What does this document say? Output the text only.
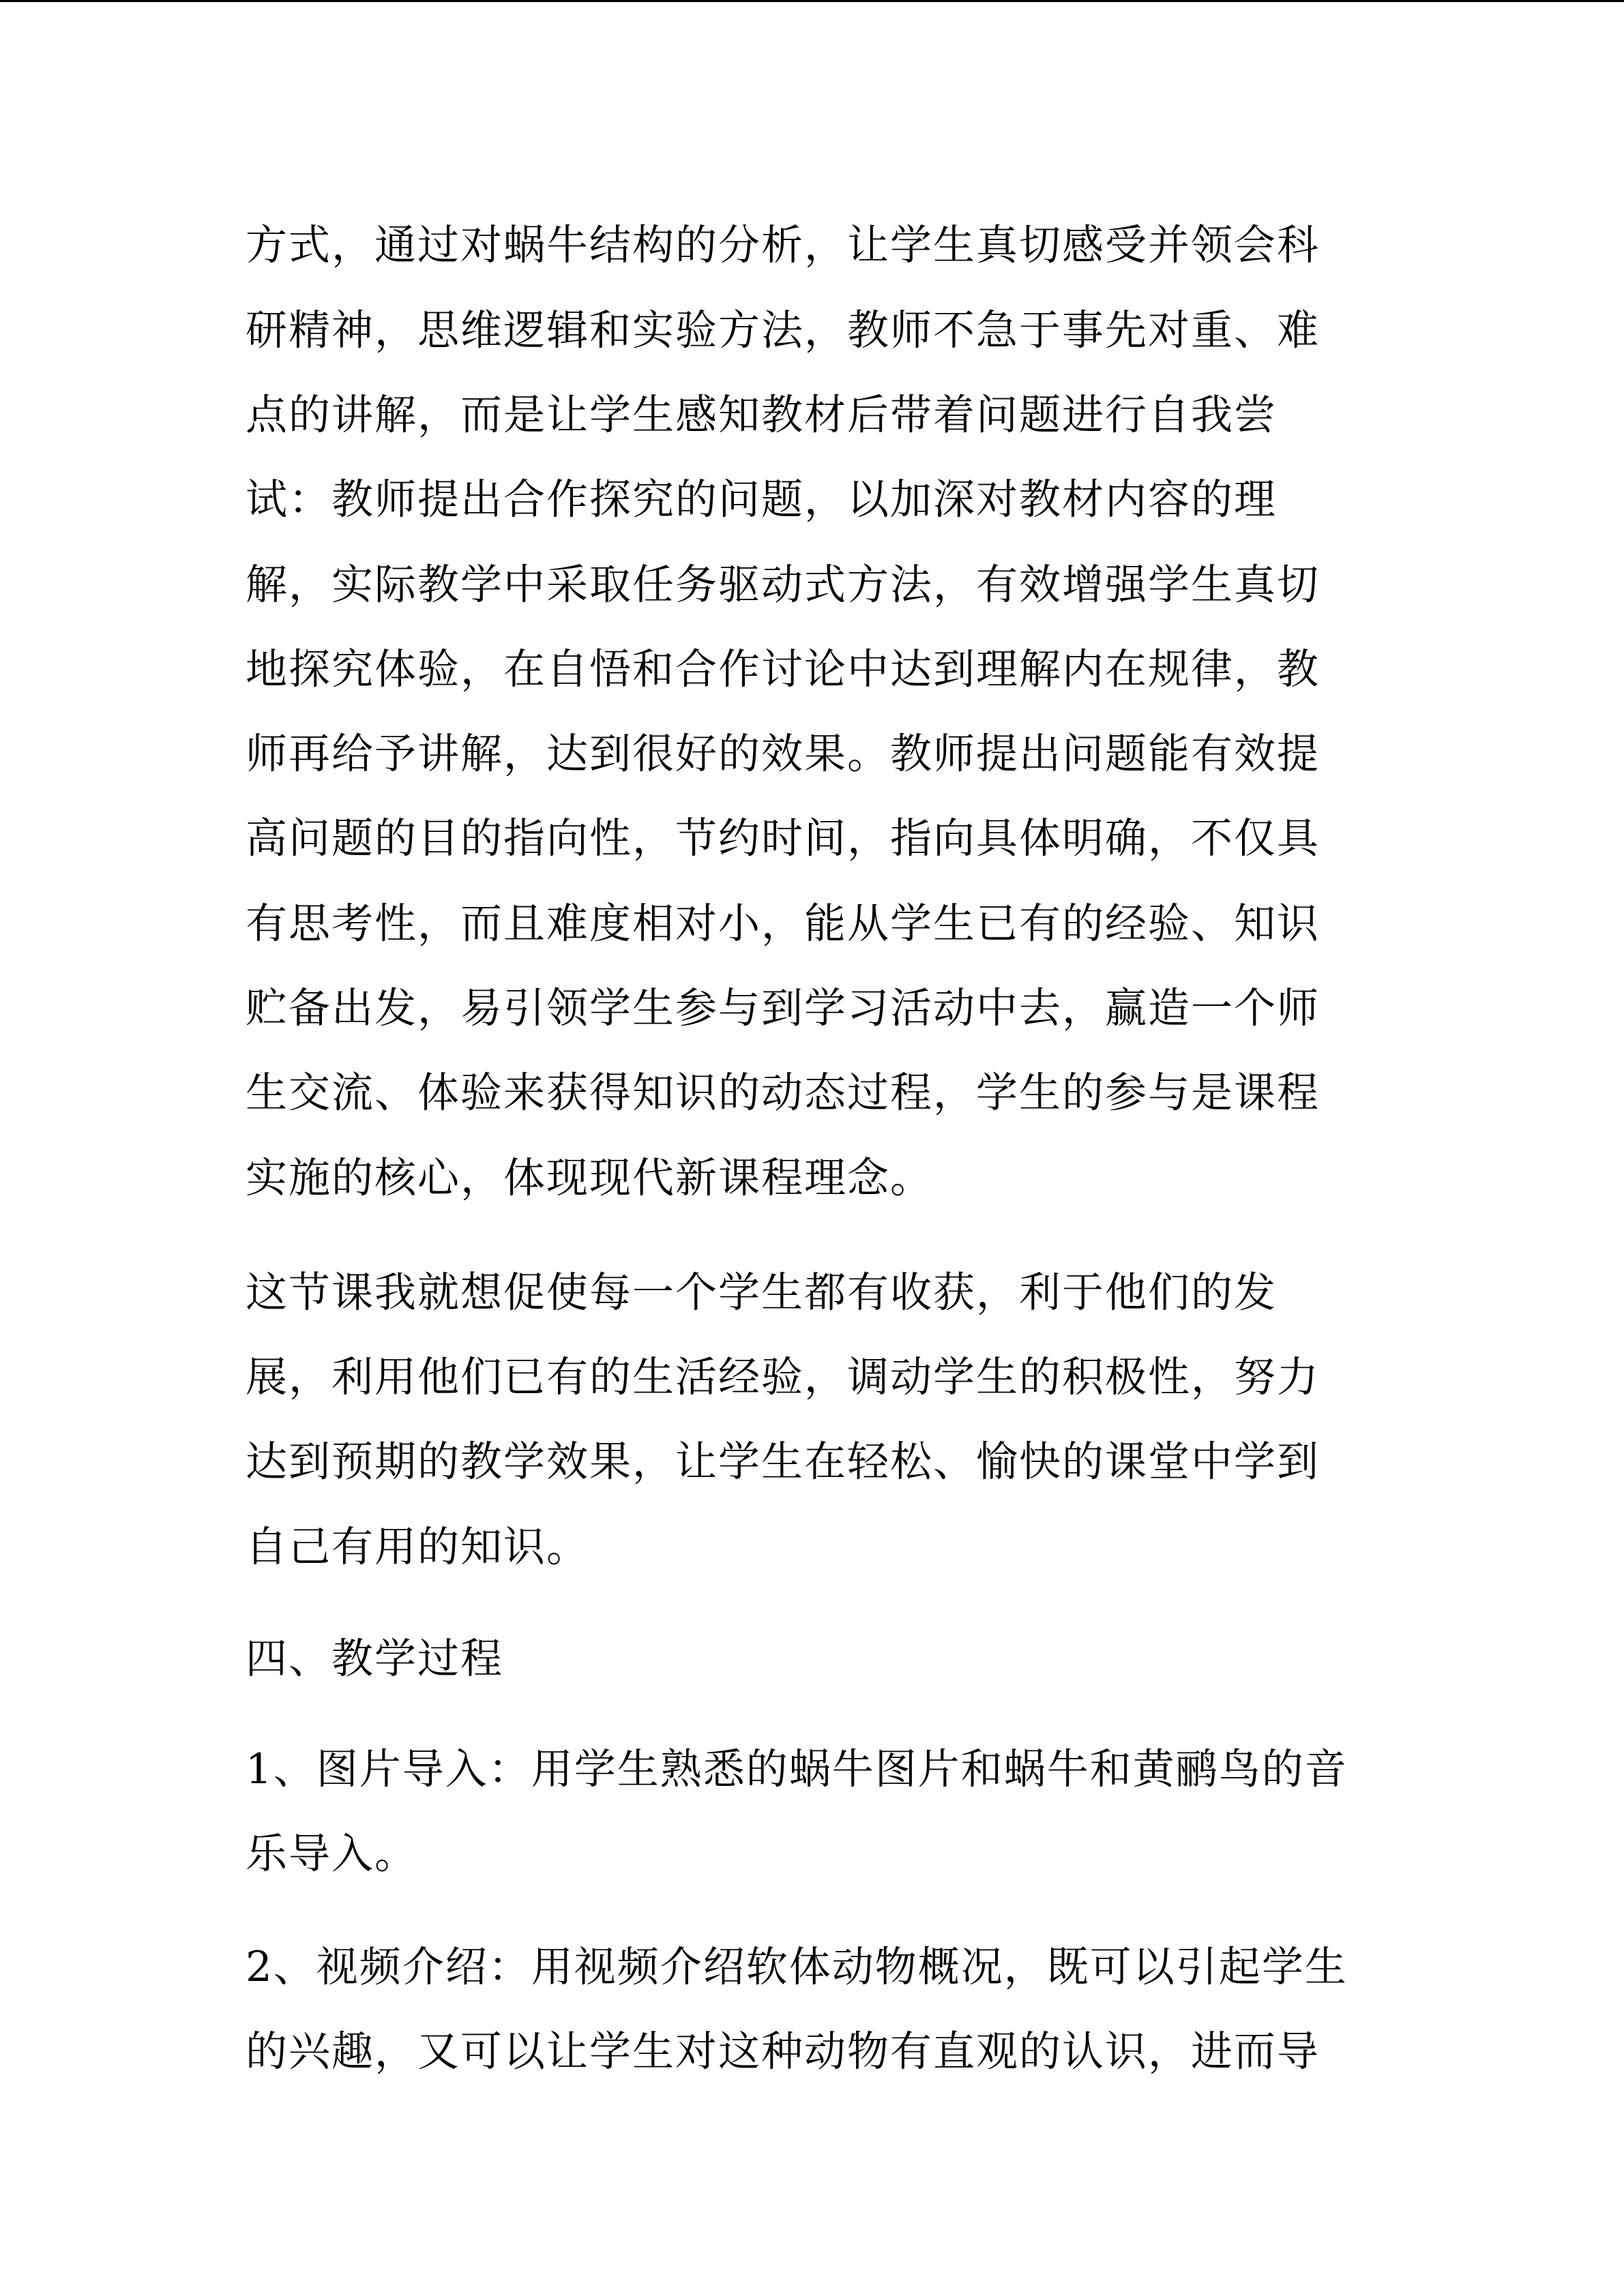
方式，通过对蜗牛结构的分析，让学生真切感受并领会科
研精神，思维逻辑和实验方法，教师不急于事先对重、难
点的讲解，而是让学生感知教材后带着问题进行自我尝
试：教师提出合作探究的问题，以加深对教材内容的理
解，实际教学中采取任务驱动式方法，有效增强学生真切
地探究体验，在自悟和合作讨论中达到理解内在规律，教
师再给予讲解，达到很好的效果。教师提出问题能有效提
高问题的目的指向性，节约时间，指向具体明确，不仅具
有思考性，而且难度相对小，能从学生已有的经验、知识
贮备出发，易引领学生参与到学习活动中去，赢造一个师
生交流、体验来获得知识的动态过程，学生的参与是课程
实施的核心，体现现代新课程理念。
这节课我就想促使每一个学生都有收获，利于他们的发
展，利用他们已有的生活经验，调动学生的积极性，努力
达到预期的教学效果，让学生在轻松、愉快的课堂中学到
自己有用的知识。
四、教学过程
1、图片导入：用学生熟悉的蜗牛图片和蜗牛和黄鹂鸟的音
乐导入。
2、视频介绍：用视频介绍软体动物概况，既可以引起学生
的兴趣，又可以让学生对这种动物有直观的认识，进而导
